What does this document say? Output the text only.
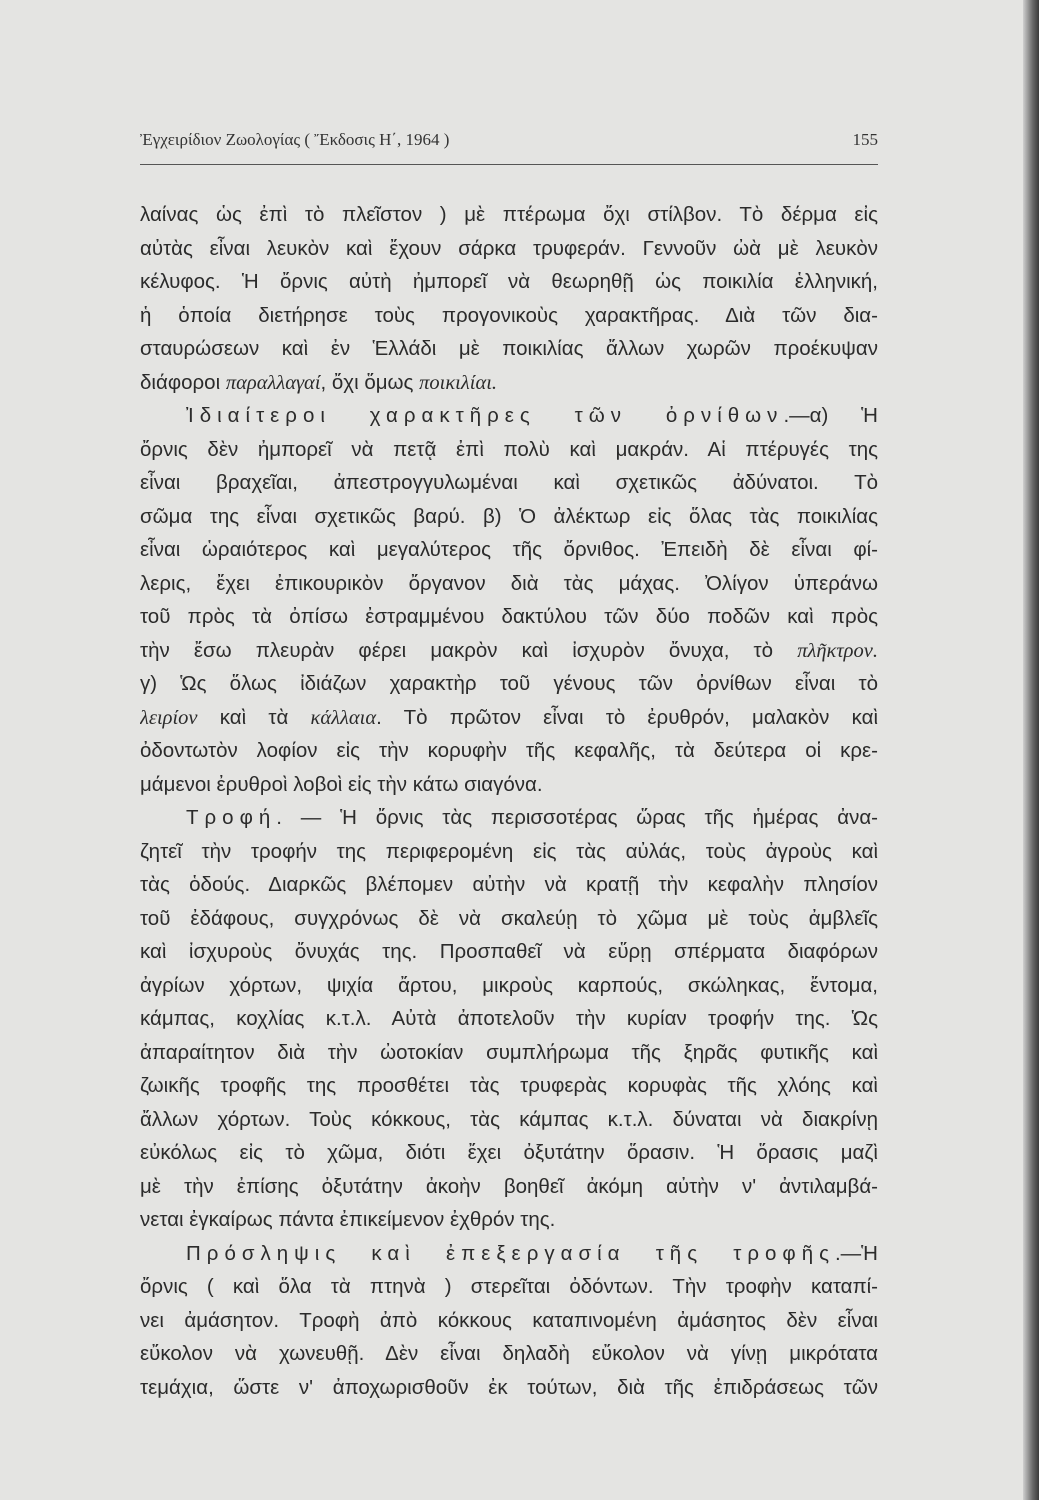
Ἐγχειρίδιον Ζωολογίας ( Ἔκδοσις Η΄, 1964 )	155
λαίνας ὡς ἐπὶ τὸ πλεῖστον ) μὲ πτέρωμα ὄχι στίλβον. Τὸ δέρμα εἰς
αὐτὰς εἶναι λευκὸν καὶ ἔχουν σάρκα τρυφεράν. Γεννοῦν ὠὰ μὲ λευκὸν
κέλυφος. Ἡ ὄρνις αὐτὴ ἠμπορεῖ νὰ θεωρηθῇ ὡς ποικιλία ἑλληνική,
ἡ ὁποία διετήρησε τοὺς προγονικοὺς χαρακτῆρας. Διὰ τῶν δια-
σταυρώσεων καὶ ἐν Ἑλλάδι μὲ ποικιλίας ἄλλων χωρῶν προέκυψαν
διάφοροι παραλλαγαί, ὄχι ὅμως ποικιλίαι.
Ἰδιαίτεροι χαρακτῆρες τῶν ὀρνίθων.—α) Ἡ
ὄρνις δὲν ἠμπορεῖ νὰ πετᾷ ἐπὶ πολὺ καὶ μακράν. Αἱ πτέρυγές της
εἶναι βραχεῖαι, ἀπεστρογγυλωμέναι καὶ σχετικῶς ἀδύνατοι. Τὸ
σῶμα της εἶναι σχετικῶς βαρύ. β) Ὁ ἀλέκτωρ εἰς ὅλας τὰς ποικιλίας
εἶναι ὡραιότερος καὶ μεγαλύτερος τῆς ὄρνιθος. Ἐπειδὴ δὲ εἶναι φί-
λερις, ἔχει ἐπικουρικὸν ὄργανον διὰ τὰς μάχας. Ὀλίγον ὑπεράνω
τοῦ πρὸς τὰ ὀπίσω ἐστραμμένου δακτύλου τῶν δύο ποδῶν καὶ πρὸς
τὴν ἔσω πλευρὰν φέρει μακρὸν καὶ ἰσχυρὸν ὄνυχα, τὸ πλῆκτρον.
γ) Ὡς ὅλως ἰδιάζων χαρακτὴρ τοῦ γένους τῶν ὀρνίθων εἶναι τὸ
λειρίον καὶ τὰ κάλλαια. Τὸ πρῶτον εἶναι τὸ ἐρυθρόν, μαλακὸν καὶ
ὀδοντωτὸν λοφίον εἰς τὴν κορυφὴν τῆς κεφαλῆς, τὰ δεύτερα οἱ κρε-
μάμενοι ἐρυθροὶ λοβοὶ εἰς τὴν κάτω σιαγόνα.
Τροφή. — Ἡ ὄρνις τὰς περισσοτέρας ὥρας τῆς ἡμέρας ἀνα-
ζητεῖ τὴν τροφήν της περιφερομένη εἰς τὰς αὐλάς, τοὺς ἀγροὺς καὶ
τὰς ὁδούς. Διαρκῶς βλέπομεν αὐτὴν νὰ κρατῇ τὴν κεφαλὴν πλησίον
τοῦ ἐδάφους, συγχρόνως δὲ νὰ σκαλεύῃ τὸ χῶμα μὲ τοὺς ἀμβλεῖς
καὶ ἰσχυροὺς ὄνυχάς της. Προσπαθεῖ νὰ εὕρῃ σπέρματα διαφόρων
ἀγρίων χόρτων, ψιχία ἄρτου, μικροὺς καρπούς, σκώληκας, ἔντομα,
κάμπας, κοχλίας κ.τ.λ. Αὐτὰ ἀποτελοῦν τὴν κυρίαν τροφήν της. Ὡς
ἀπαραίτητον διὰ τὴν ὠοτοκίαν συμπλήρωμα τῆς ξηρᾶς φυτικῆς καὶ
ζωικῆς τροφῆς της προσθέτει τὰς τρυφερὰς κορυφὰς τῆς χλόης καὶ
ἄλλων χόρτων. Τοὺς κόκκους, τὰς κάμπας κ.τ.λ. δύναται νὰ διακρίνῃ
εὐκόλως εἰς τὸ χῶμα, διότι ἔχει ὀξυτάτην ὅρασιν. Ἡ ὅρασις μαζὶ
μὲ τὴν ἐπίσης ὀξυτάτην ἀκοὴν βοηθεῖ ἀκόμη αὐτὴν ν' ἀντιλαμβά-
νεται ἐγκαίρως πάντα ἐπικείμενον ἐχθρόν της.
Πρόσληψις καὶ ἐπεξεργασία τῆς τροφῆς.—Ἡ
ὄρνις ( καὶ ὅλα τὰ πτηνὰ ) στερεῖται ὀδόντων. Τὴν τροφὴν καταπί-
νει ἀμάσητον. Τροφὴ ἀπὸ κόκκους καταπινομένη ἀμάσητος δὲν εἶναι
εὔκολον νὰ χωνευθῇ. Δὲν εἶναι δηλαδὴ εὔκολον νὰ γίνῃ μικρότατα
τεμάχια, ὥστε ν' ἀποχωρισθοῦν ἐκ τούτων, διὰ τῆς ἐπιδράσεως τῶν
